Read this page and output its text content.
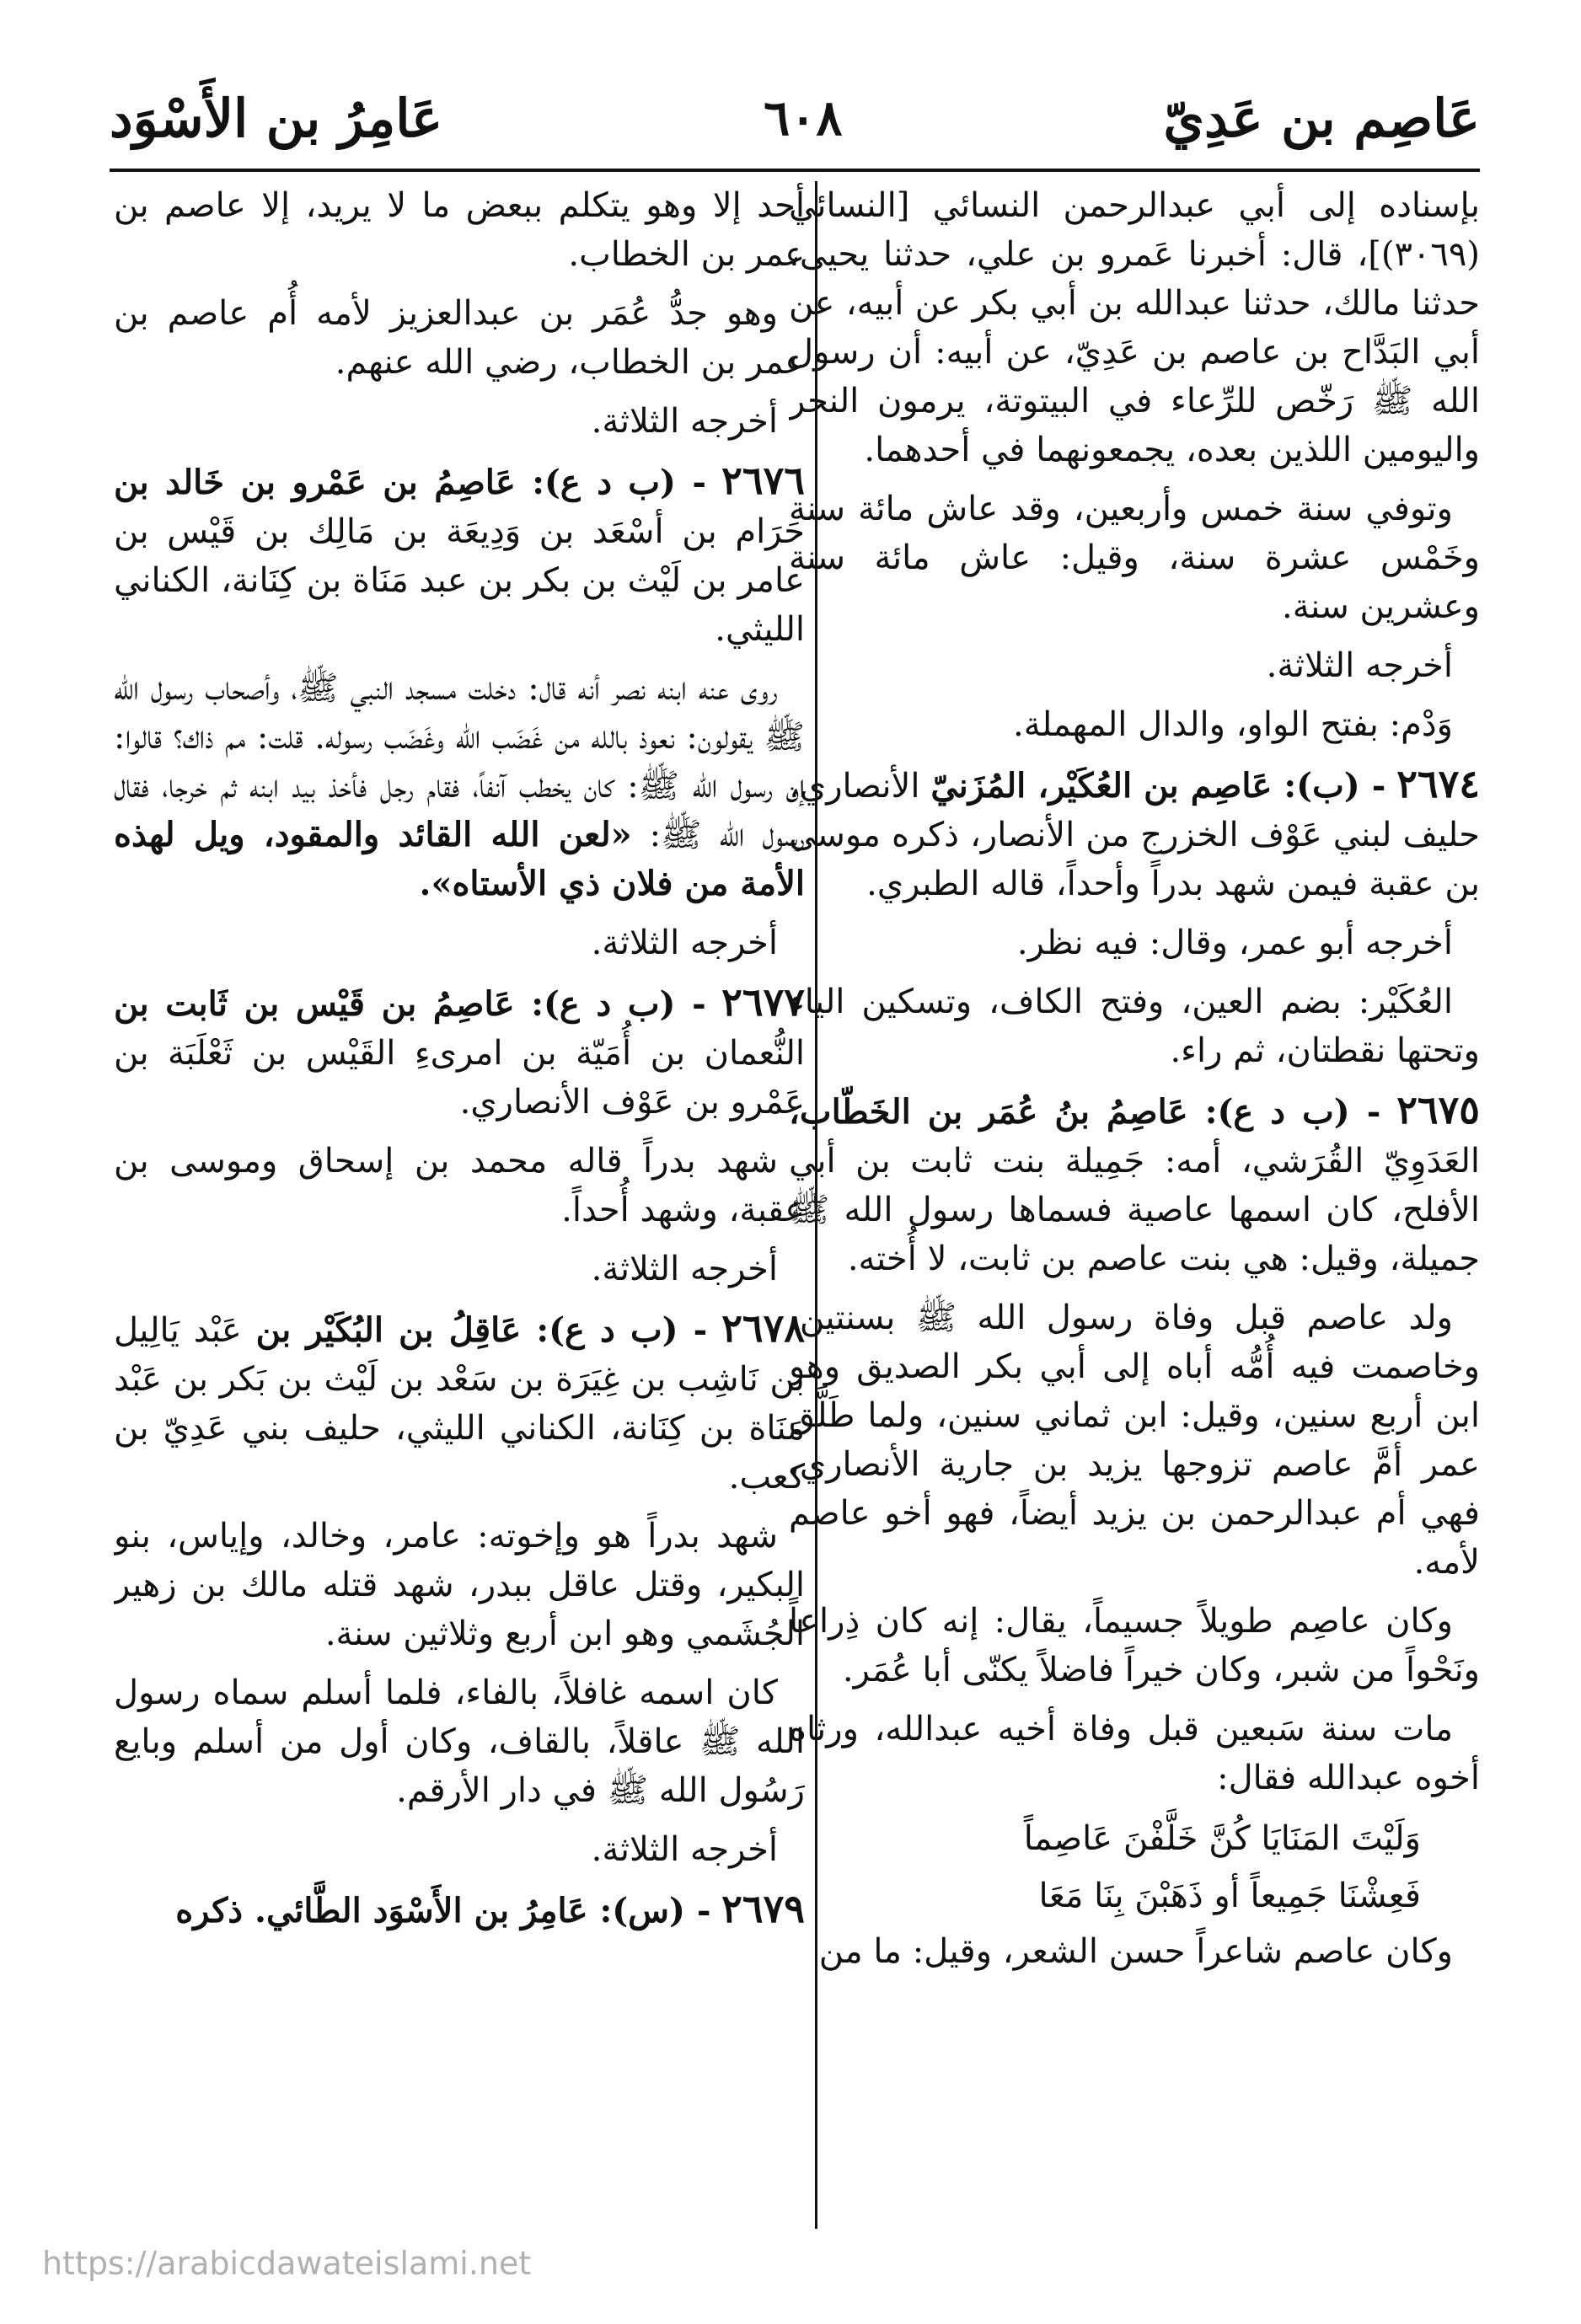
عَاصِم بن عَدِيّ
٦٠٨
عَامِرُ بن الأَسْوَد

بإسناده إلى أبي عبدالرحمن النسائي [النسائي (٣٠٦٩)]، قال: أخبرنا عَمرو بن علي، حدثنا يحيى، حدثنا مالك، حدثنا عبدالله بن أبي بكر عن أبيه، عن أبي البَدَّاح بن عاصم بن عَدِيّ، عن أبيه: أن رسول الله ﷺ رَخّص للرِّعاء في البيتوتة، يرمون النحر واليومين اللذين بعده، يجمعونهما في أحدهما.

وتوفي سنة خمس وأربعين، وقد عاش مائة سنة وخَمْس عشرة سنة، وقيل: عاش مائة سنة وعشرين سنة.

أخرجه الثلاثة.

وَدْم: بفتح الواو، والدال المهملة.

٢٦٧٤ - (ب): عَاصِم بن العُكَيْر، المُزَنيّ الأنصاري، حليف لبني عَوْف الخزرج من الأنصار، ذكره موسى بن عقبة فيمن شهد بدراً وأحداً، قاله الطبري.

أخرجه أبو عمر، وقال: فيه نظر.

العُكَيْر: بضم العين، وفتح الكاف، وتسكين الياء وتحتها نقطتان، ثم راء.

٢٦٧٥ - (ب د ع): عَاصِمُ بنُ عُمَر بن الخَطّاب، العَدَوِيّ القُرَشي، أمه: جَمِيلة بنت ثابت بن أبي الأفلح، كان اسمها عاصية فسماها رسول الله ﷺ جميلة، وقيل: هي بنت عاصم بن ثابت، لا أُخته.

ولد عاصم قبل وفاة رسول الله ﷺ بسنتين، وخاصمت فيه أُمُّه أباه إلى أبي بكر الصديق وهو ابن أربع سنين، وقيل: ابن ثماني سنين، ولما طَلَّق عمر أمَّ عاصم تزوجها يزيد بن جارية الأنصاري، فهي أم عبدالرحمن بن يزيد أيضاً، فهو أخو عاصم لأمه.

وكان عاصِم طويلاً جسيماً، يقال: إنه كان ذِراعاً ونَحْواً من شبر، وكان خيراً فاضلاً يكنّى أبا عُمَر.

مات سنة سَبعين قبل وفاة أخيه عبدالله، ورثاه أخوه عبدالله فقال:

وَلَيْتَ المَنَايَا كُنَّ خَلَّفْنَ عَاصِماً
فَعِشْنَا جَمِيعاً أو ذَهَبْنَ بِنَا مَعَا

وكان عاصم شاعراً حسن الشعر، وقيل: ما من

أحد إلا وهو يتكلم ببعض ما لا يريد، إلا عاصم بن عمر بن الخطاب.

وهو جدُّ عُمَر بن عبدالعزيز لأمه أُم عاصم بن عمر بن الخطاب، رضي الله عنهم.

أخرجه الثلاثة.

٢٦٧٦ - (ب د ع): عَاصِمُ بن عَمْرو بن خَالد بن حَرَام بن أسْعَد بن وَدِيعَة بن مَالِك بن قَيْس بن عامر بن لَيْث بن بكر بن عبد مَنَاة بن كِنَانة، الكناني الليثي.

روى عنه ابنه نصر أنه قال: دخلت مسجد النبي ﷺ، وأصحاب رسول الله ﷺ يقولون: نعوذ بالله من غَضَب الله وغَضَب رسوله. قلت: مم ذاك؟ قالوا: إن رسول الله ﷺ: كان يخطب آنفاً، فقام رجل فأخذ بيد ابنه ثم خرجا، فقال رسول الله ﷺ: «لعن الله القائد والمقود، ويل لهذه الأمة من فلان ذي الأستاه».

أخرجه الثلاثة.

٢٦٧٧ - (ب د ع): عَاصِمُ بن قَيْس بن ثَابت بن النُّعمان بن أُمَيّة بن امرىءِ القَيْس بن ثَعْلَبَة بن عَمْرو بن عَوْف الأنصاري.

شهد بدراً قاله محمد بن إسحاق وموسى بن عقبة، وشهد أُحداً.

أخرجه الثلاثة.

٢٦٧٨ - (ب د ع): عَاقِلُ بن البُكَيْر بن عَبْد يَالِيل بن نَاشِب بن غِيَرَة بن سَعْد بن لَيْث بن بَكر بن عَبْد مَنَاة بن كِنَانة، الكناني الليثي، حليف بني عَدِيّ بن كعب.

شهد بدراً هو وإخوته: عامر، وخالد، وإياس، بنو البكير، وقتل عاقل ببدر، شهد قتله مالك بن زهير الجُشَمي وهو ابن أربع وثلاثين سنة.

كان اسمه غافلاً، بالفاء، فلما أسلم سماه رسول الله ﷺ عاقلاً، بالقاف، وكان أول من أسلم وبايع رَسُول الله ﷺ في دار الأرقم.

أخرجه الثلاثة.

٢٦٧٩ - (س): عَامِرُ بن الأَسْوَد الطَّائي. ذكره

https://arabicdawateislami.net
